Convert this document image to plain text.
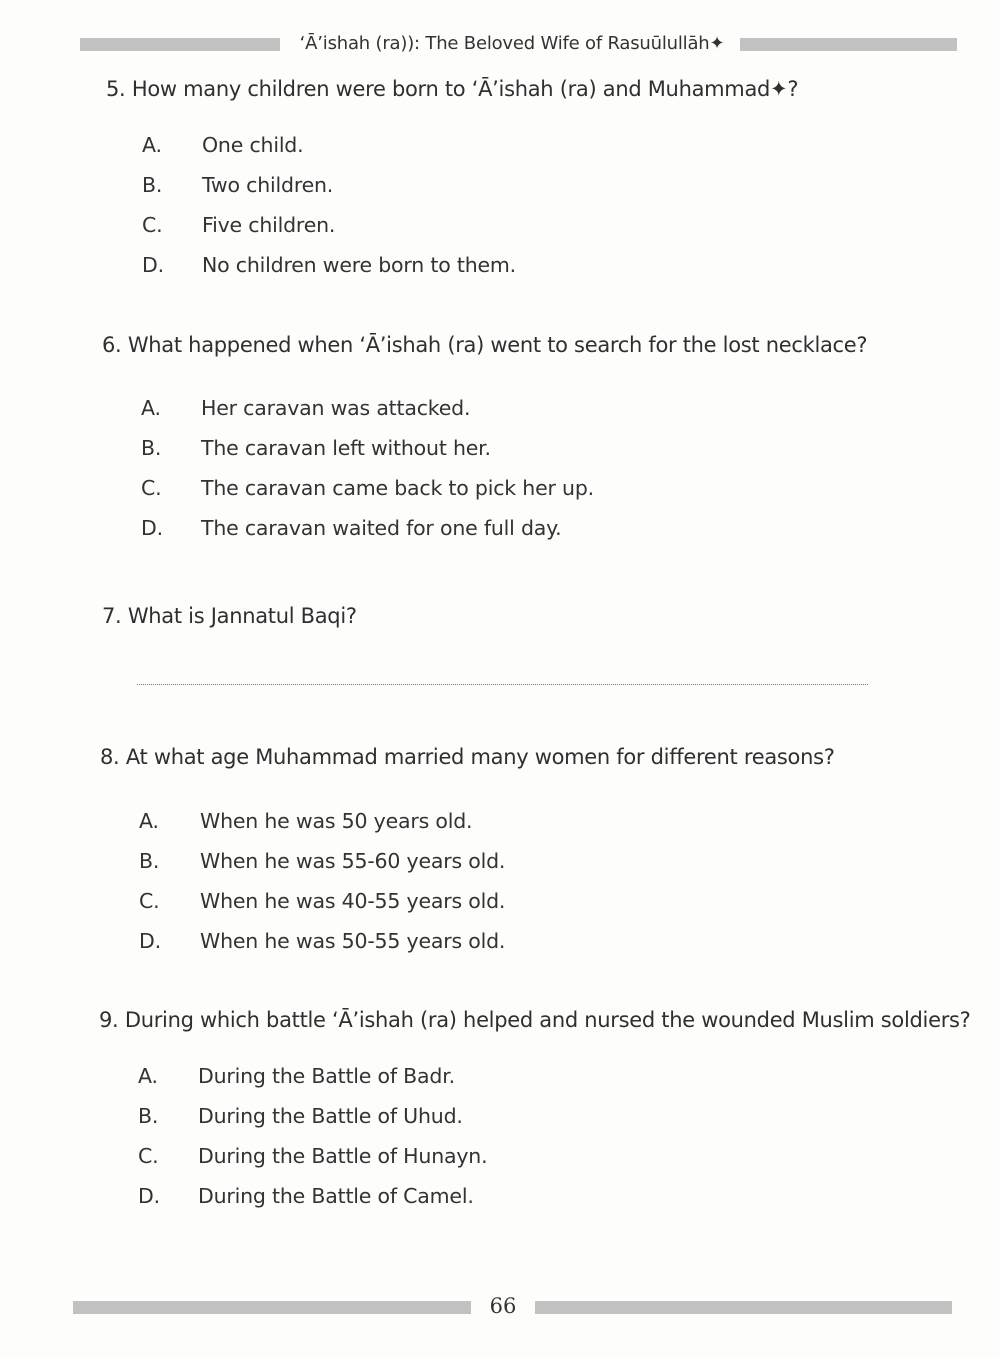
‘Ā’ishah (ra)): The Beloved Wife of Rasuūlullāh✦
5. How many children were born to ‘Ā’ishah (ra) and Muhammad✦?
A.	One child.
B.	Two children.
C.	Five children.
D.	No children were born to them.
6. What happened when ‘Ā’ishah (ra) went to search for the lost necklace?
A.	Her caravan was attacked.
B.	The caravan left without her.
C.	The caravan came back to pick her up.
D.	The caravan waited for one full day.
7. What is Jannatul Baqi?
8. At what age Muhammad married many women for different reasons?
A.	When he was 50 years old.
B.	When he was 55-60 years old.
C.	When he was 40-55 years old.
D.	When he was 50-55 years old.
9. During which battle ‘Ā’ishah (ra) helped and nursed the wounded Muslim soldiers?
A.	During the Battle of Badr.
B.	During the Battle of Uhud.
C.	During the Battle of Hunayn.
D.	During the Battle of Camel.
66
